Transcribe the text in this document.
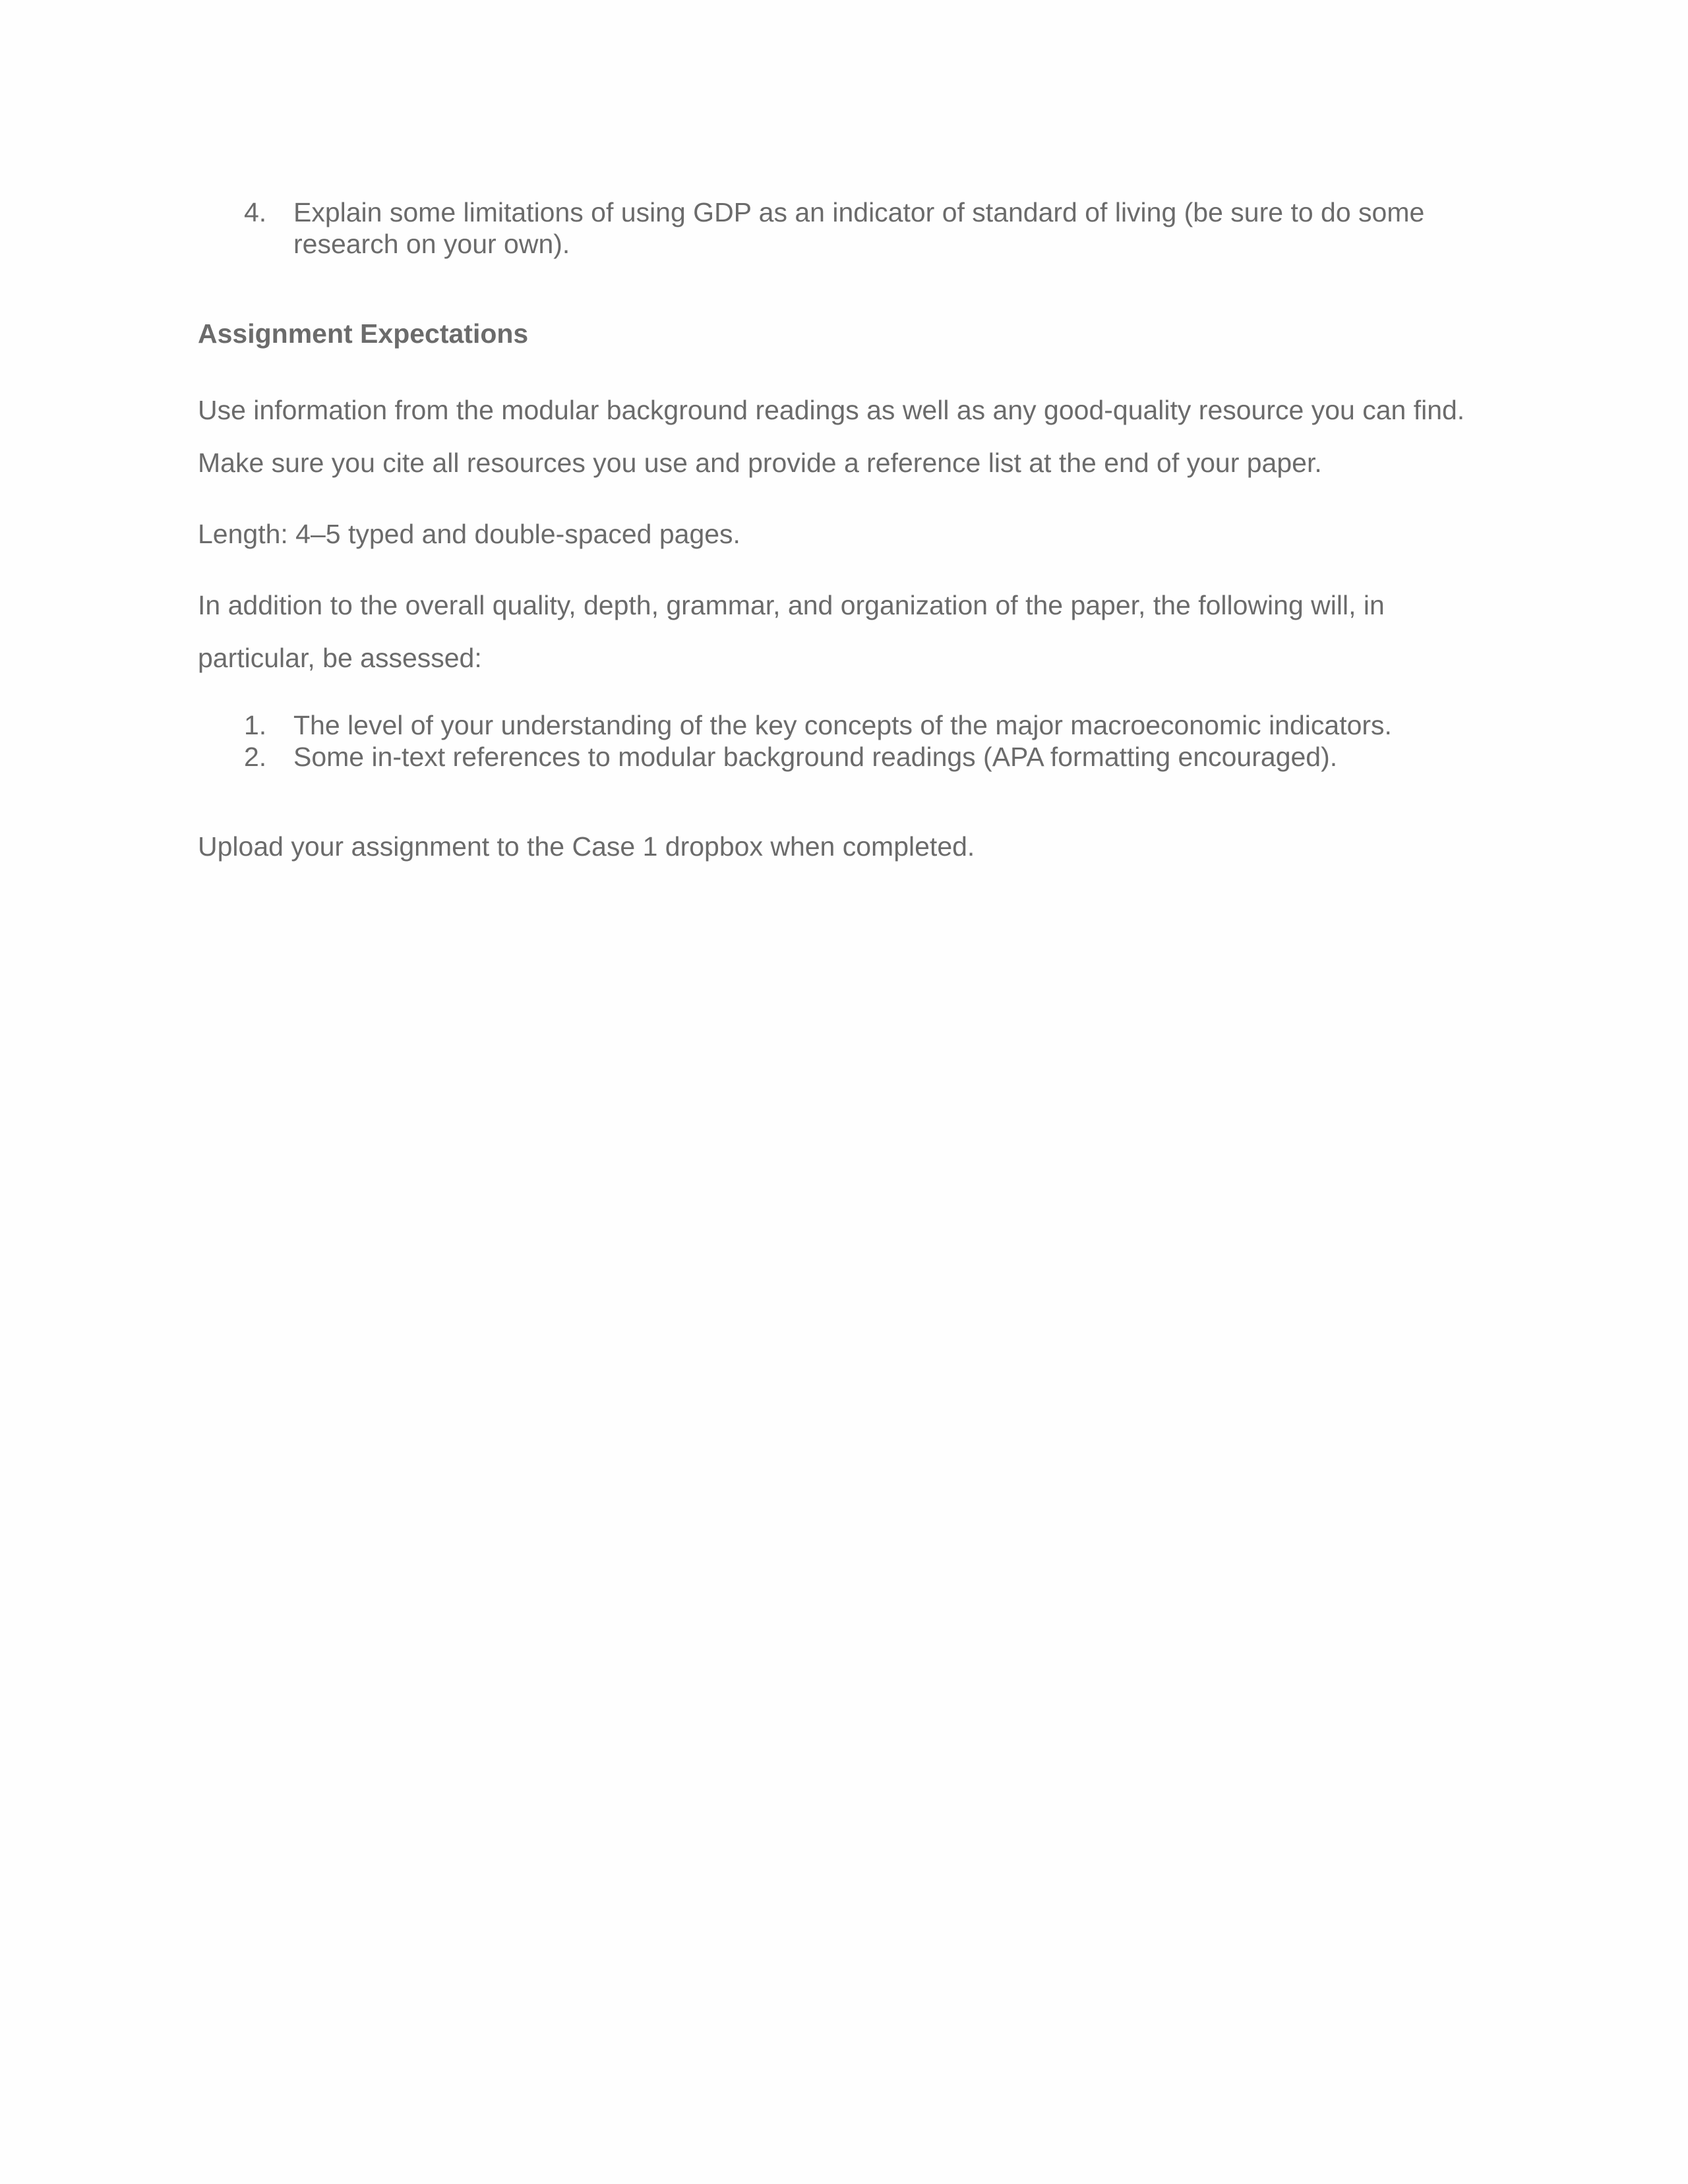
4. Explain some limitations of using GDP as an indicator of standard of living (be sure to do some research on your own).
Assignment Expectations

Use information from the modular background readings as well as any good-quality resource you can find. Make sure you cite all resources you use and provide a reference list at the end of your paper.

Length: 4–5 typed and double-spaced pages.

In addition to the overall quality, depth, grammar, and organization of the paper, the following will, in particular, be assessed:

1. The level of your understanding of the key concepts of the major macroeconomic indicators.
2. Some in-text references to modular background readings (APA formatting encouraged).
Upload your assignment to the Case 1 dropbox when completed.
